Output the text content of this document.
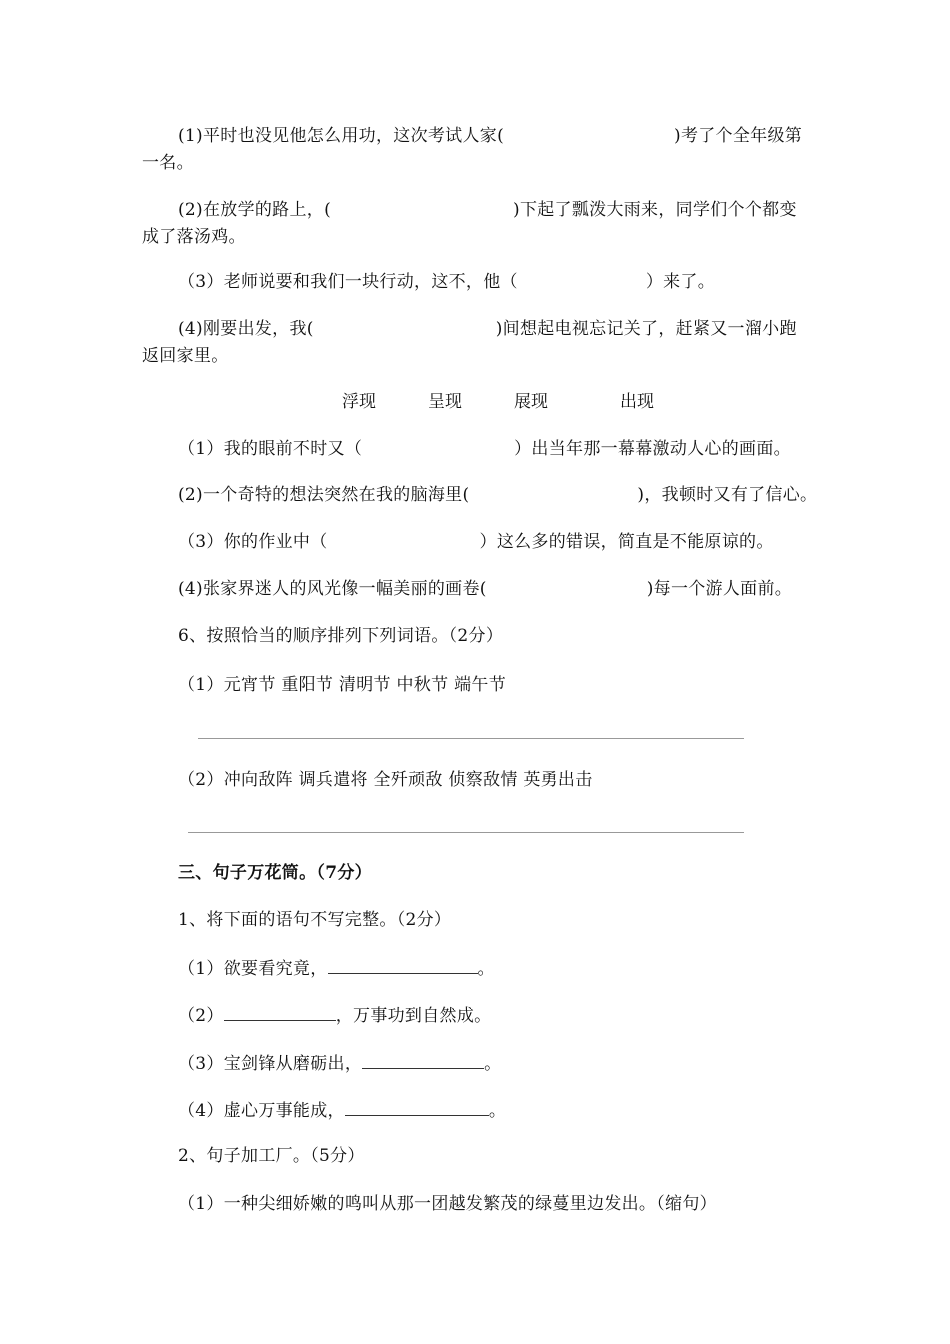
(1)平时也没见他怎么用功，这次考试人家(	)考了个全年级第
一名。
(2)在放学的路上，(	)下起了瓢泼大雨来，同学们个个都变
成了落汤鸡。
（3）老师说要和我们一块行动，这不，他（	）来了。
(4)刚要出发，我(	)间想起电视忘记关了，赶紧又一溜小跑
返回家里。
浮现	呈现	展现	出现
（1）我的眼前不时又（	）出当年那一幕幕激动人心的画面。
(2)一个奇特的想法突然在我的脑海里(	)，我顿时又有了信心。
（3）你的作业中（	）这么多的错误，简直是不能原谅的。
(4)张家界迷人的风光像一幅美丽的画卷(	)每一个游人面前。
6、按照恰当的顺序排列下列词语。（2分）
（1）元宵节 重阳节 清明节 中秋节 端午节
（2）冲向敌阵 调兵遣将 全歼顽敌 侦察敌情 英勇出击
三、句子万花筒。（7分）
1、将下面的语句不写完整。（2分）
（1）欲要看究竟，	。
（2）	，万事功到自然成。
（3）宝剑锋从磨砺出，	。
（4）虚心万事能成，	。
2、句子加工厂。（5分）
（1）一种尖细娇嫩的鸣叫从那一团越发繁茂的绿蔓里边发出。（缩句）
